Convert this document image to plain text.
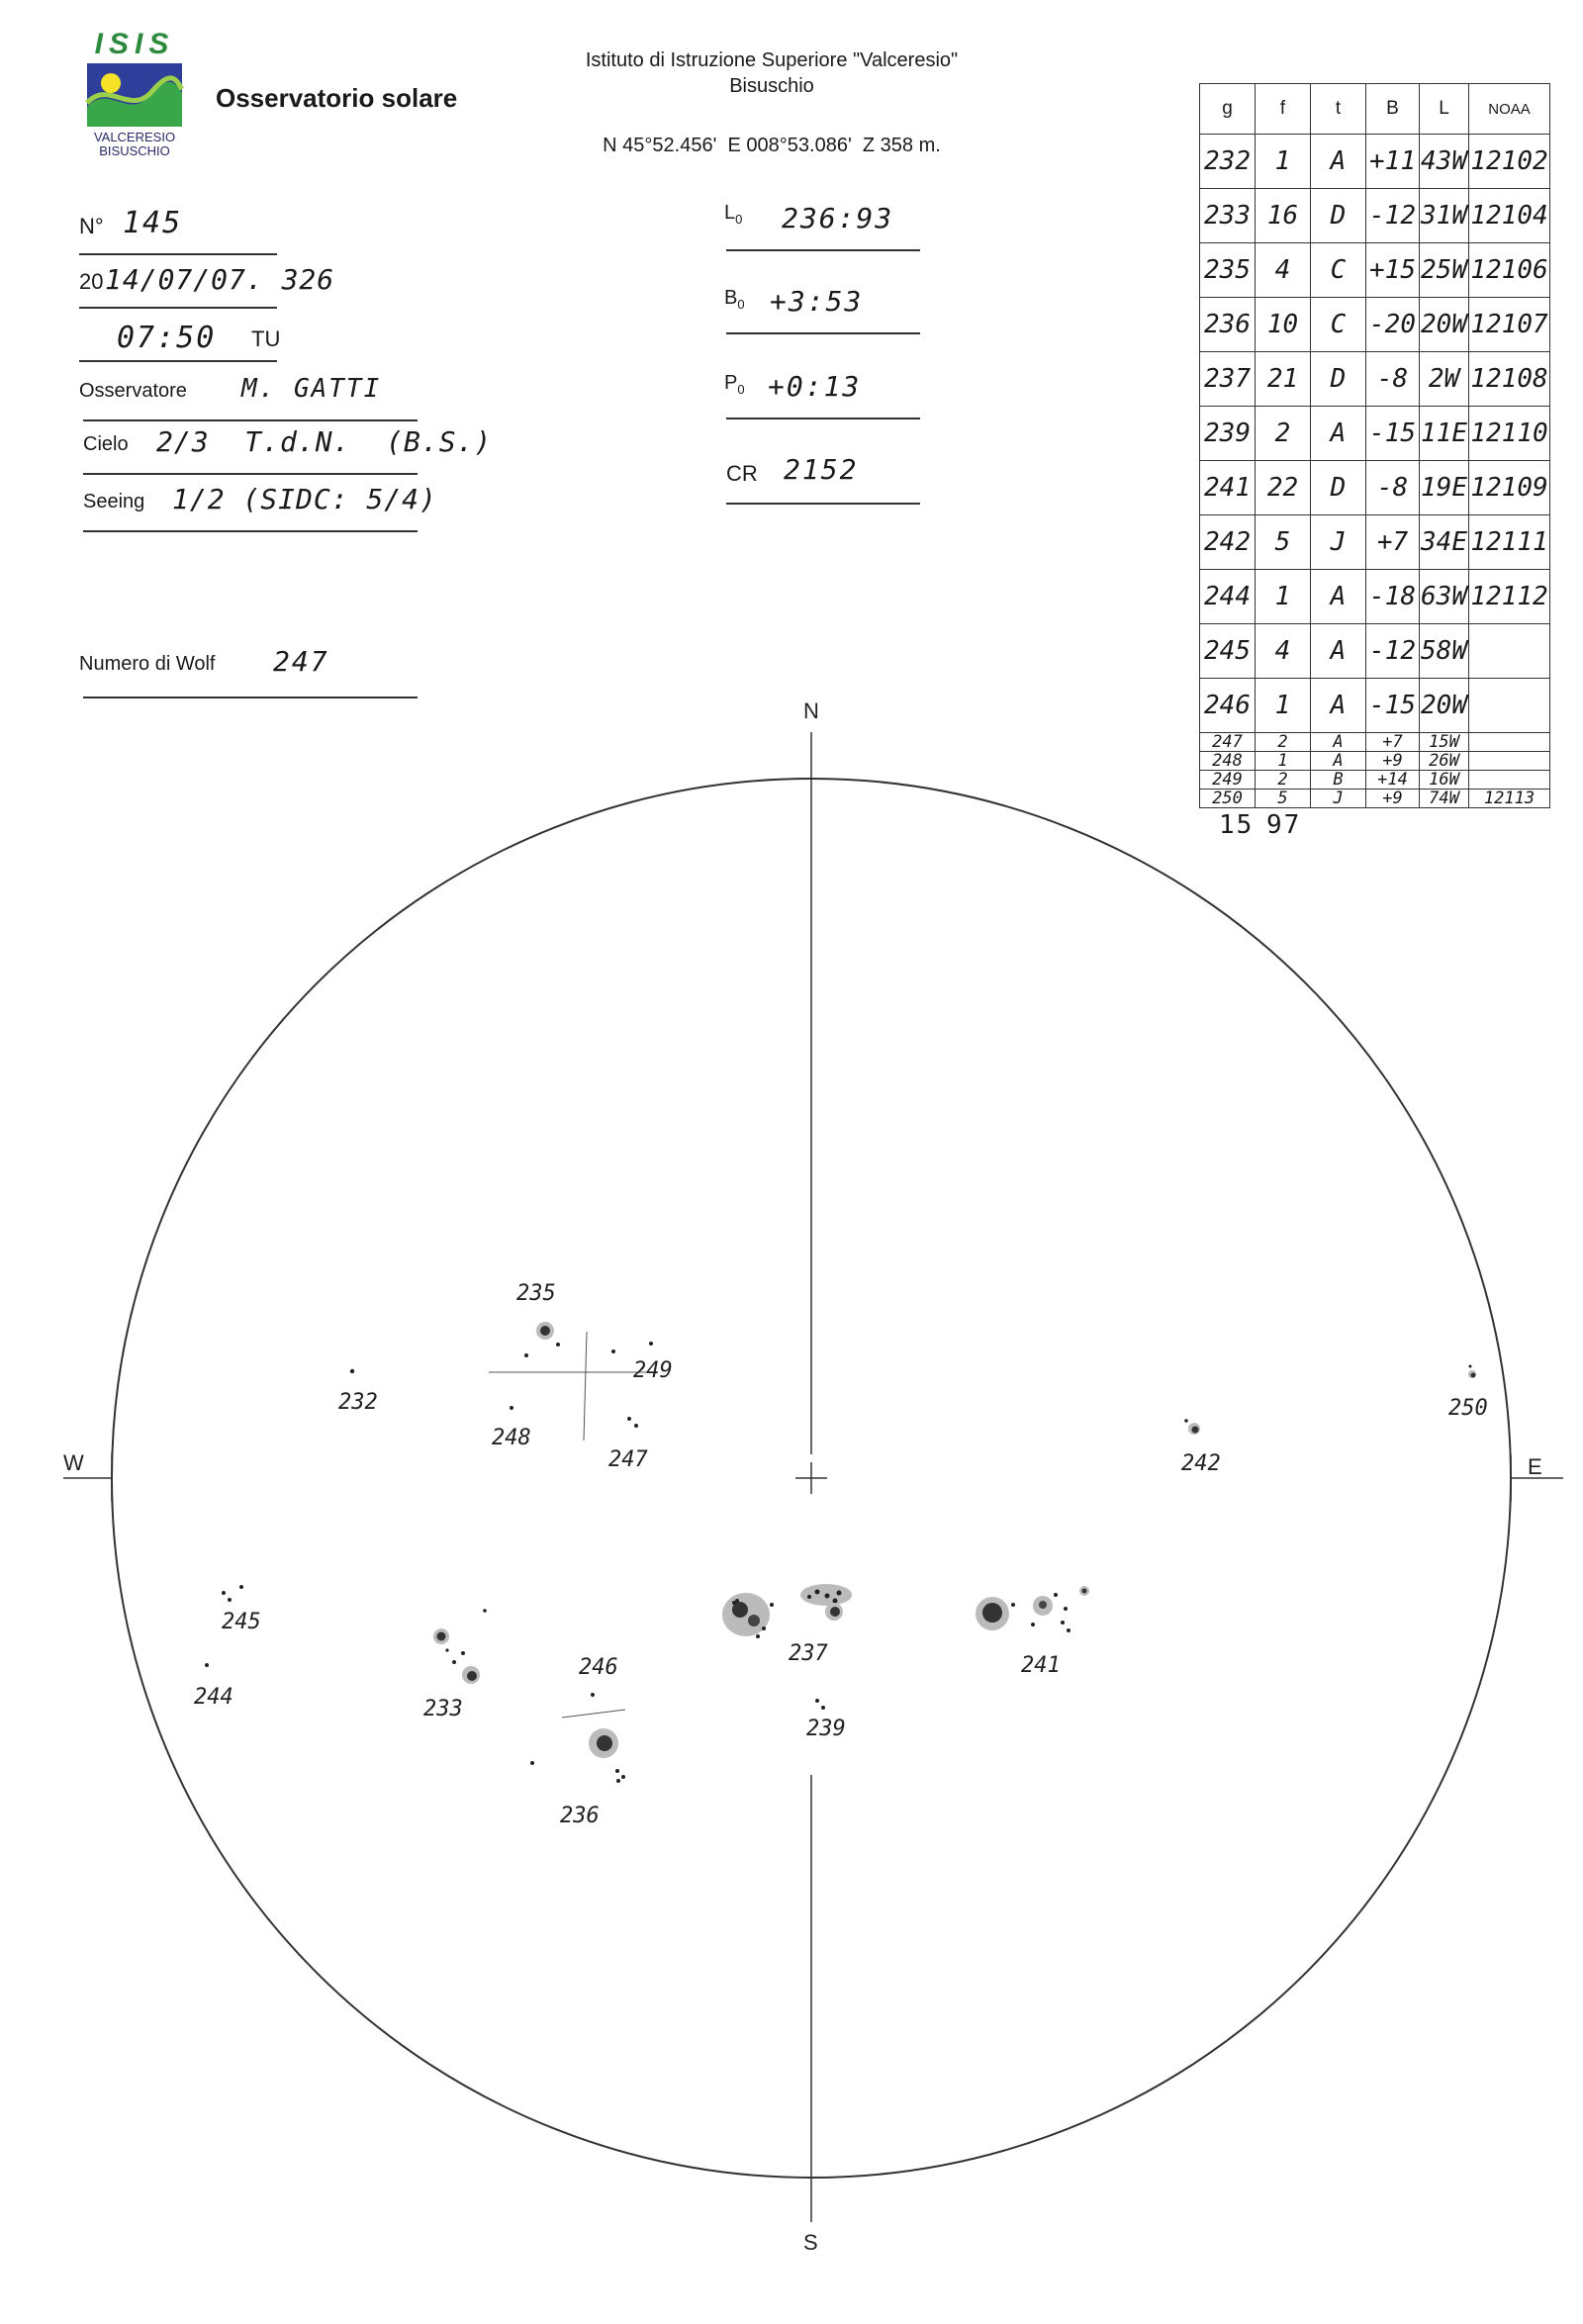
ISIS
VALCERESIO
BISUSCHIO
Osservatorio solare
Istituto di Istruzione Superiore "Valceresio"
Bisuschio
N 45°52.456'  E 008°53.086'  Z 358 m.
N° 145
20 14/07/07. 326
07:50 TU
Osservatore M. GATTI
Cielo 2/3  T.d.N.  (B.S.)
Seeing 1/2 (SIDC: 5/4)
Numero di Wolf 247
$L_0$ 236:93
$B_0$ +3:53
$P_0$ +0:13
CR 2152
g	f	t	B	L	NOAA
232	1	A	+11	43W	12102
233	16	D	-12	31W	12104
235	4	C	+15	25W	12106
236	10	C	-20	20W	12107
237	21	D	-8	2W	12108
239	2	A	-15	11E	12110
241	22	D	-8	19E	12109
242	5	J	+7	34E	12111
244	1	A	-18	63W	12112
245	4	A	-12	58W	
246	1	A	-15	20W	
247	2	A	+7	15W	
248	1	A	+9	26W	
249	2	B	+14	16W	
250	5	J	+9	74W	12113
15 97
N
S
W	E
235
232
249
248
247	242
250
245
244	233
246
236
237
239
241
